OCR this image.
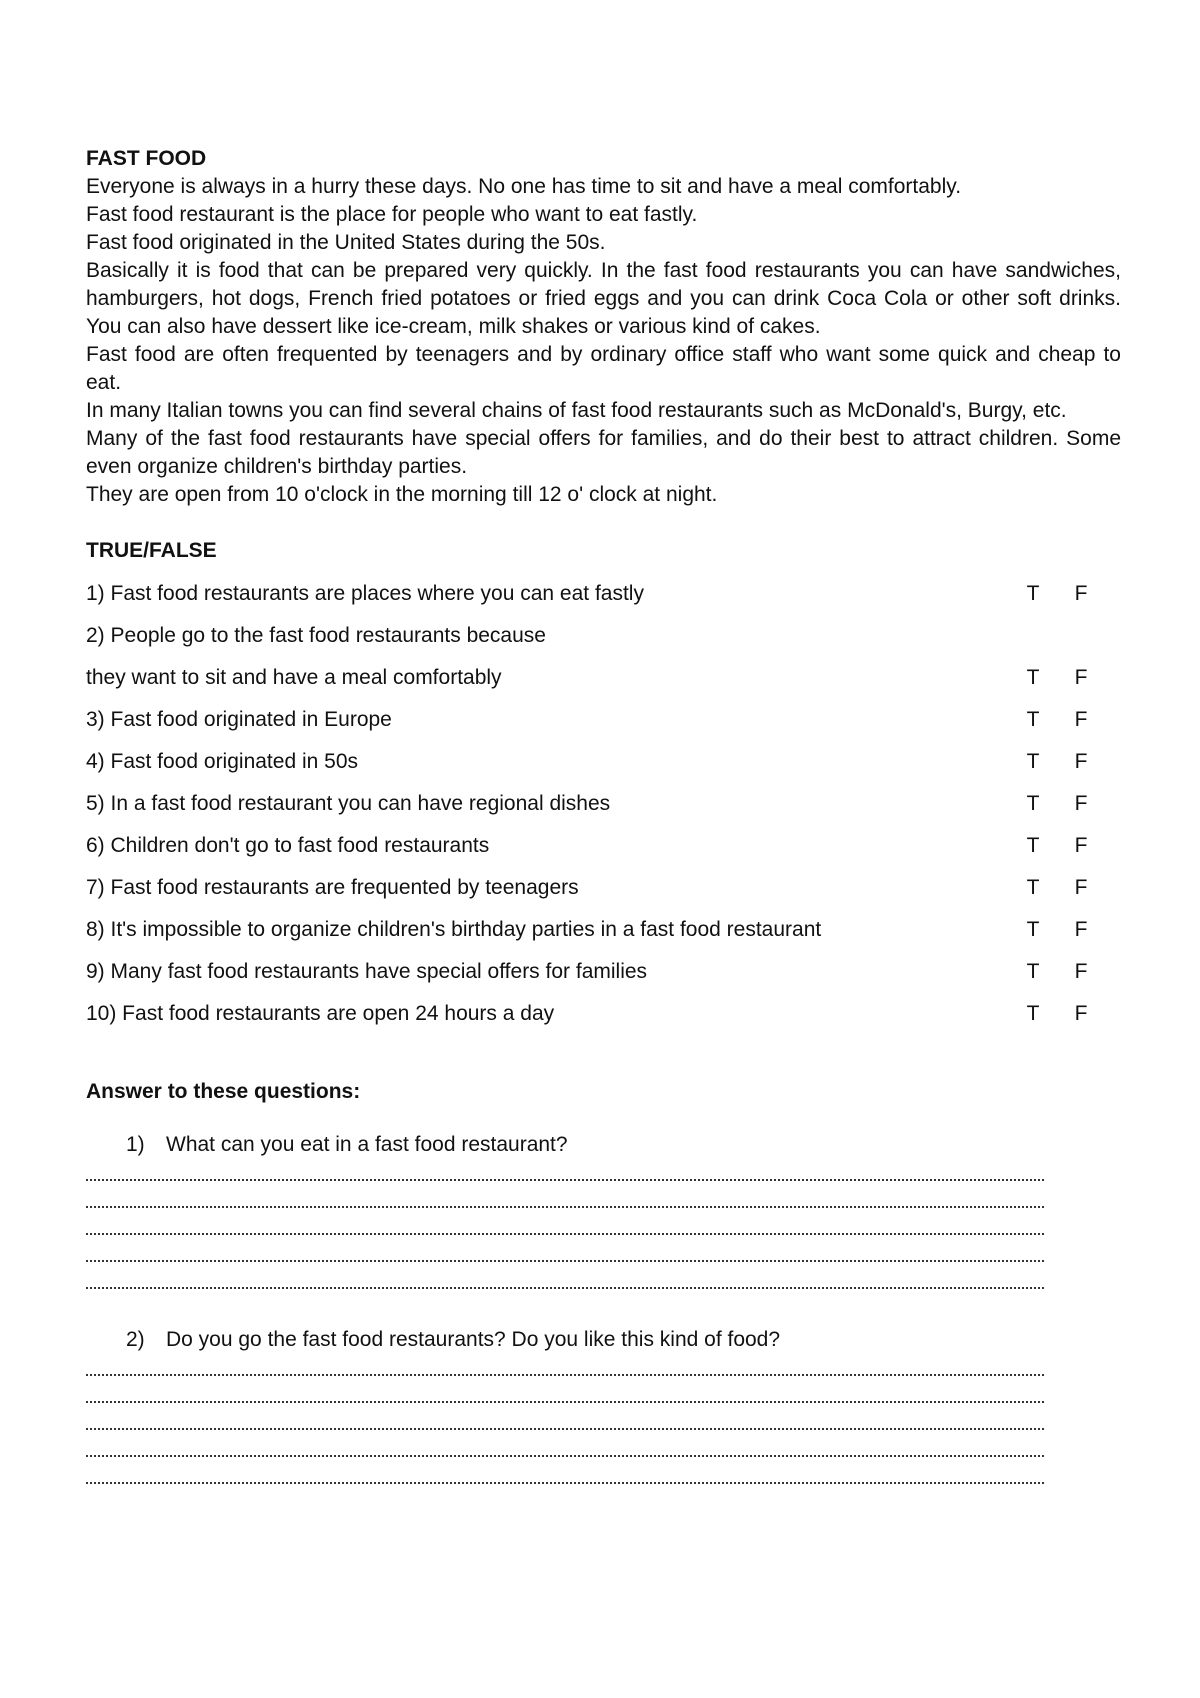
FAST FOOD

Everyone is always in a hurry these days. No one has time to sit and have a meal comfortably.

Fast food restaurant is the place for people who want to eat fastly.

Fast food originated in the United States during the 50s.

Basically it is food that can be prepared very quickly. In the fast food restaurants you can have sandwiches, hamburgers, hot dogs, French fried potatoes or fried eggs and you can drink Coca Cola or other soft drinks. You can also have dessert like ice-cream, milk shakes or various kind of cakes.

Fast food are often frequented by teenagers and by ordinary office staff who want some quick and cheap to eat.

In many Italian towns you can find several chains of fast food restaurants such as McDonald's, Burgy, etc.

Many of the fast food restaurants have special offers for families, and do their best to attract children. Some even organize children's birthday parties.

They are open from 10 o'clock in the morning till 12 o' clock at night.

TRUE/FALSE
1) Fast food restaurants are places where you can eat fastly	T F
2) People go to the fast food restaurants because
they want to sit and have a meal comfortably	T F
3) Fast food originated in Europe	T F
4) Fast food originated in 50s	T F
5) In a fast food restaurant you can have regional dishes	T F
6) Children don't go to fast food restaurants	T F
7) Fast food restaurants are frequented by teenagers	T F
8) It's impossible to organize children's birthday parties in a fast food restaurant	T F
9) Many fast food restaurants have special offers for families	T F
10) Fast food restaurants are open 24 hours a day	T F
Answer to these questions:
1)	What can you eat in a fast food restaurant?
2)	Do you go the fast food restaurants? Do you like this kind of food?
